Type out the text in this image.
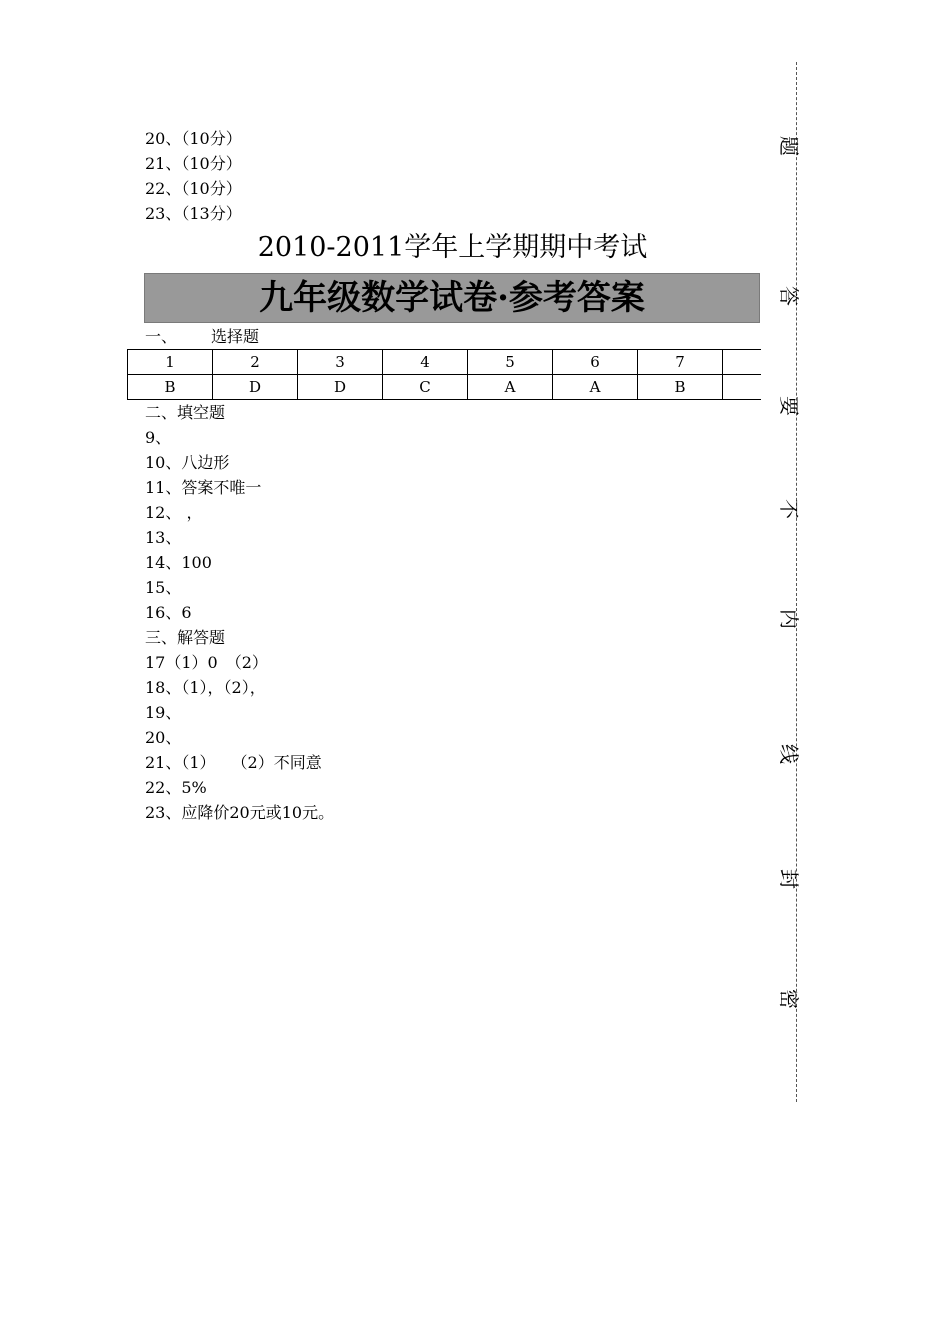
20、（10分）
21、（10分）
22、（10分）
23、（13分）
2010-2011学年上学期期中考试
九年级数学试卷·参考答案
一、 选择题
1	2	3	4	5	6	7	
B	D	D	C	A	A	B	
二、填空题
9、
10、八边形
11、答案不唯一
12、 ，
13、
14、100
15、
16、6
三、解答题
17（1）0　（2）
18、（1），（2），
19、
20、
21、（1）　　（2）不同意
22、5%
23、应降价20元或10元。
题
答
要
不
内
线
封
密
